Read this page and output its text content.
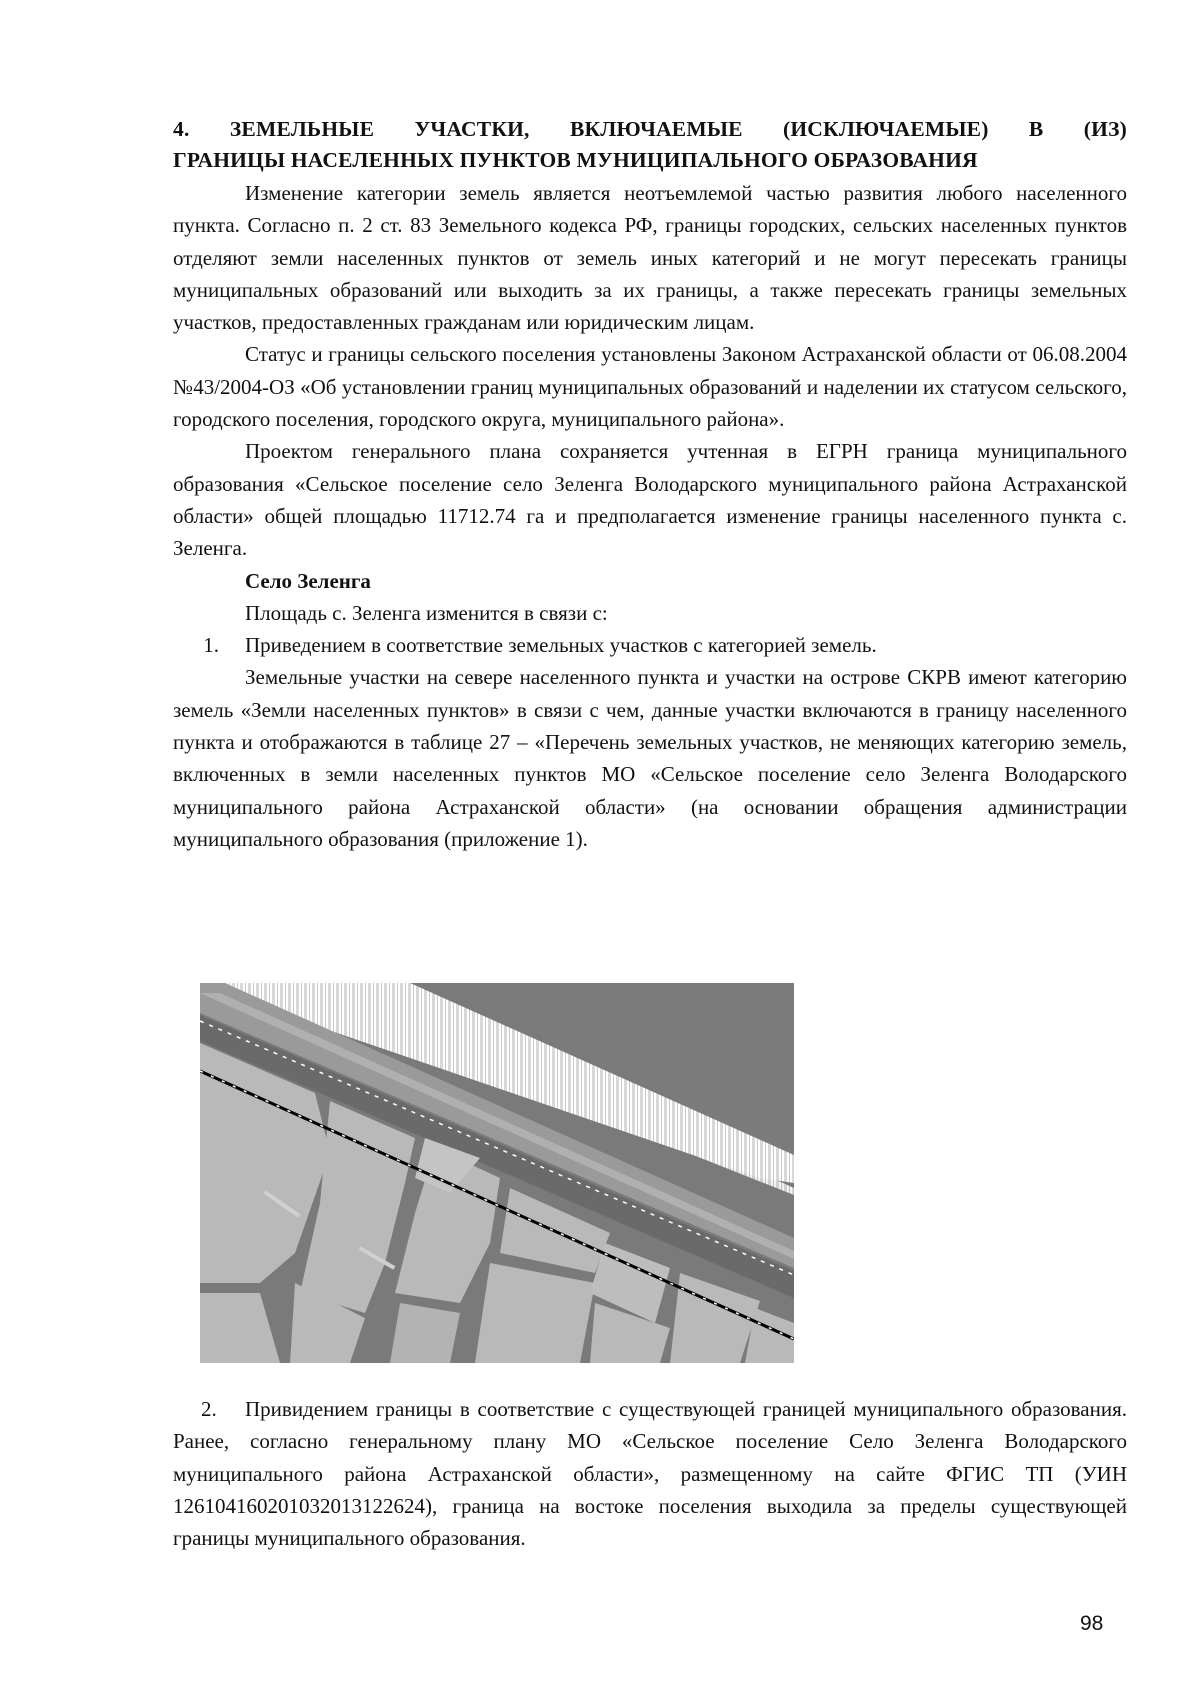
4. ЗЕМЕЛЬНЫЕ УЧАСТКИ, ВКЛЮЧАЕМЫЕ (ИСКЛЮЧАЕМЫЕ) В (ИЗ)
ГРАНИЦЫ НАСЕЛЕННЫХ ПУНКТОВ МУНИЦИПАЛЬНОГО ОБРАЗОВАНИЯ

Изменение категории земель является неотъемлемой частью развития любого населенного пункта. Согласно п. 2 ст. 83 Земельного кодекса РФ, границы городских, сельских населенных пунктов отделяют земли населенных пунктов от земель иных категорий и не могут пересекать границы муниципальных образований или выходить за их границы, а также пересекать границы земельных участков, предоставленных гражданам или юридическим лицам.

Статус и границы сельского поселения установлены Законом Астраханской области от 06.08.2004 №43/2004-ОЗ «Об установлении границ муниципальных образований и наделении их статусом сельского, городского поселения, городского округа, муниципального района».

Проектом генерального плана сохраняется учтенная в ЕГРН граница муниципального образования «Сельское поселение село Зеленга Володарского муниципального района Астраханской области» общей площадью 11712.74 га и предполагается изменение границы населенного пункта с. Зеленга.

Село Зеленга
Площадь с. Зеленга изменится в связи с:
1. Приведением в соответствие земельных участков с категорией земель.

Земельные участки на севере населенного пункта и участки на острове СКРВ имеют категорию земель «Земли населенных пунктов» в связи с чем, данные участки включаются в границу населенного пункта и отображаются в таблице 27 – «Перечень земельных участков, не меняющих категорию земель, включенных в земли населенных пунктов МО «Сельское поселение село Зеленга Володарского муниципального района Астраханской области» (на основании обращения администрации муниципального образования (приложение 1).

2. Привидением границы в соответствие с существующей границей муниципального образования. Ранее, согласно генеральному плану МО «Сельское поселение Село Зеленга Володарского муниципального района Астраханской области», размещенному на сайте ФГИС ТП (УИН 126104160201032013122624), граница на востоке поселения выходила за пределы существующей границы муниципального образования.

98
